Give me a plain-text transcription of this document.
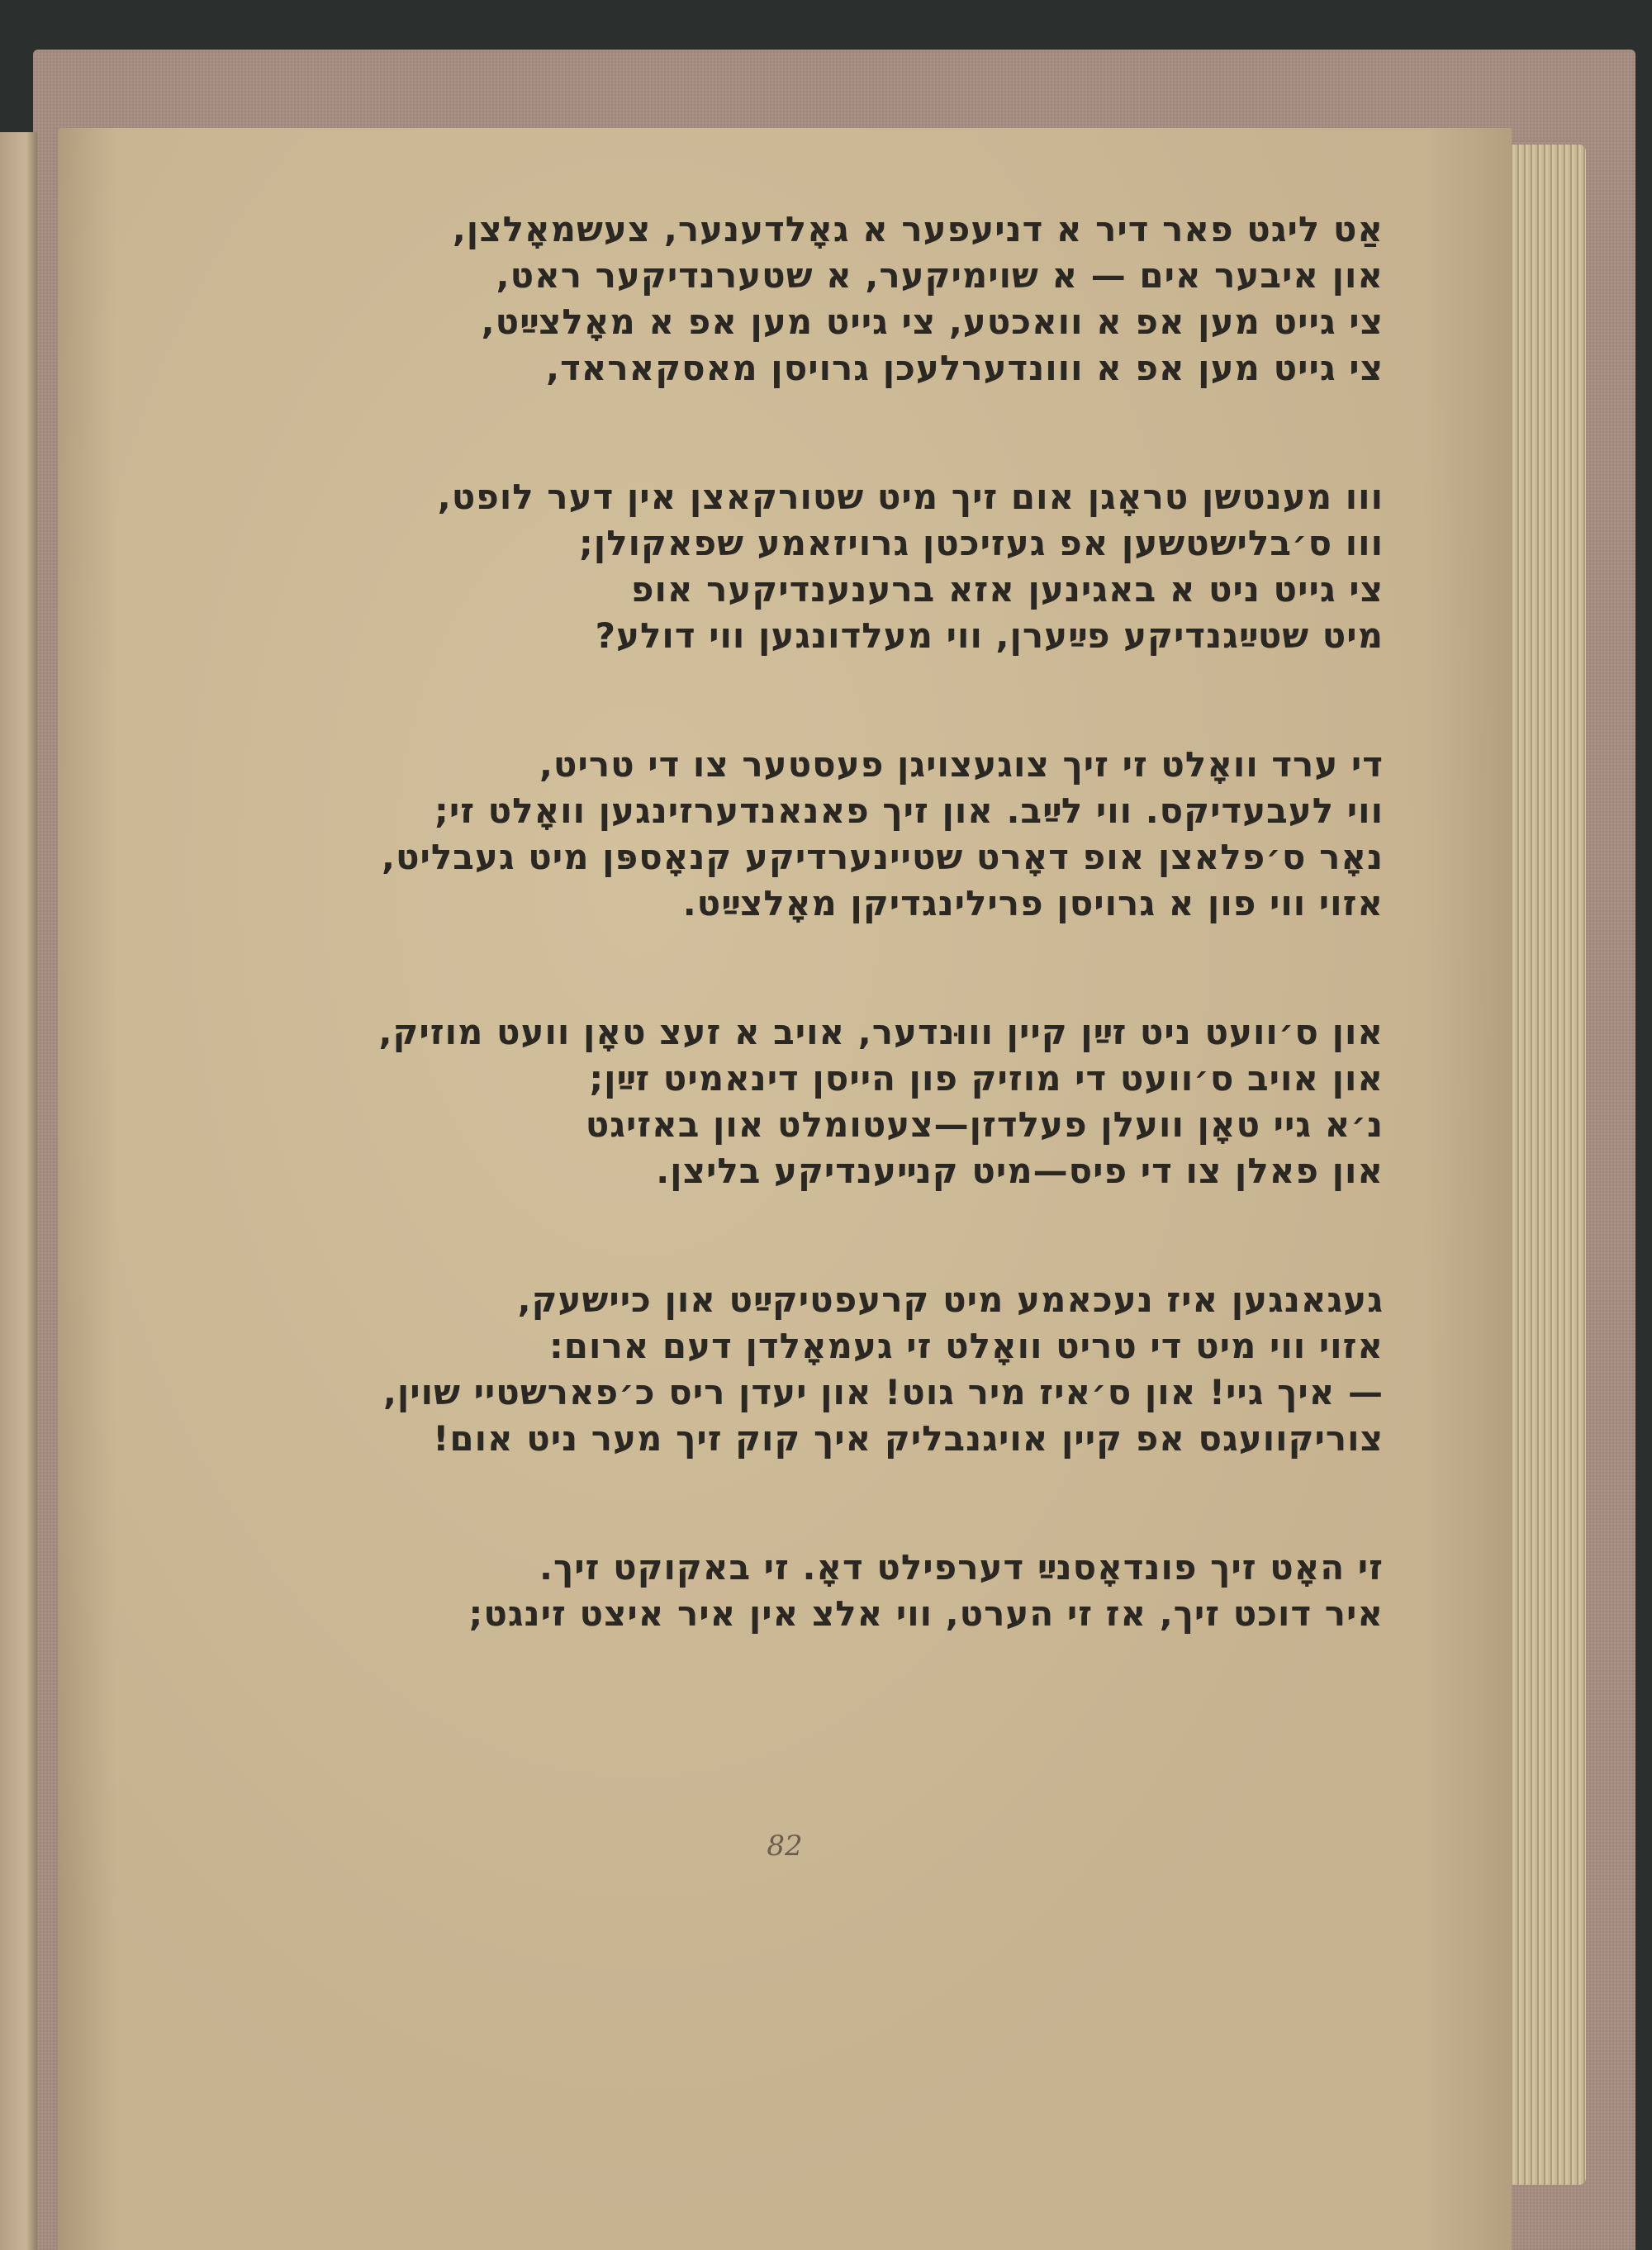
אַט ליגט פאר דיר א דניעפער א גאָלדענער, צעשמאָלצן,
און איבער אים — א שוימיקער, א שטערנדיקער ראט,
צי גייט מען אפ א וואכטע, צי גייט מען אפ א מאָלצײַט,
צי גייט מען אפ א ווונדערלעכן גרויסן מאסקאראד,
ווו מענטשן טראָגן אום זיך מיט שטורקאצן אין דער לופט,
ווו ס׳בלישטשען אפ געזיכטן גרויזאמע שפאקולן;
צי גייט ניט א באגינען אזא ברענענדיקער אופ
מיט שטײַגנדיקע פײַערן, ווי מעלדונגען ווי דולע?
די ערד וואָלט זי זיך צוגעצויגן פעסטער צו די טריט,
ווי לעבעדיקס. ווי לײַב. און זיך פאנאנדערזינגען וואָלט זי;
נאָר ס׳פלאצן אופ דאָרט שטיינערדיקע קנאָספּן מיט געבליט,
אזוי ווי פון א גרויסן פרילינגדיקן מאָלצײַט.
און ס׳וועט ניט זײַן קיין וווּנדער, אויב א זעצ טאָן וועט מוזיק,
און אויב ס׳וועט די מוזיק פון הייסן דינאמיט זײַן;
נ׳א גיי טאָן וועלן פעלדזן—צעטומלט און באזיגט
און פאלן צו די פיס—מיט קנײענדיקע בליצן.
געגאנגען איז נעכאמע מיט קרעפטיקײַט און כיישעק,
אזוי ווי מיט די טריט וואָלט זי געמאָלדן דעם ארום:
— איך גיי! און ס׳איז מיר גוט! און יעדן ריס כ׳פארשטיי שוין,
צוריקוועגס אפ קיין אויגנבליק איך קוק זיך מער ניט אום!
זי האָט זיך פונדאָסנײַ דערפילט דאָ. זי באקוקט זיך.
איר דוכט זיך, אז זי הערט, ווי אלצ אין איר איצט זינגט;
82
